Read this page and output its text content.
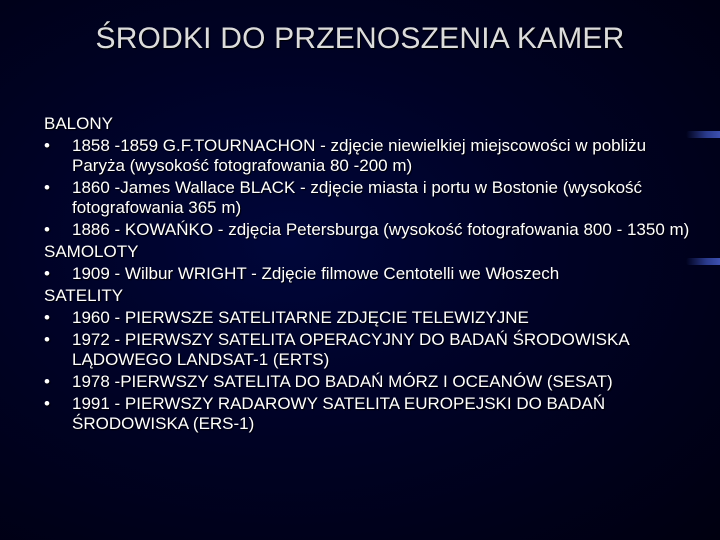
ŚRODKI DO PRZENOSZENIA KAMER
BALONY
• 1858 -1859 G.F.TOURNACHON - zdjęcie niewielkiej miejscowości w pobliżu Paryża (wysokość fotografowania 80 -200 m)
• 1860 -James Wallace BLACK - zdjęcie miasta i portu w Bostonie (wysokość fotografowania 365 m)
• 1886 - KOWAŃKO - zdjęcia Petersburga (wysokość fotografowania 800 - 1350 m)
SAMOLOTY
• 1909 - Wilbur WRIGHT - Zdjęcie filmowe Centotelli we Włoszech
SATELITY
• 1960 - PIERWSZE SATELITARNE ZDJĘCIE TELEWIZYJNE
• 1972 - PIERWSZY SATELITA OPERACYJNY DO BADAŃ ŚRODOWISKA LĄDOWEGO LANDSAT-1 (ERTS)
• 1978 -PIERWSZY SATELITA DO BADAŃ MÓRZ I OCEANÓW (SESAT)
• 1991 - PIERWSZY RADAROWY SATELITA EUROPEJSKI DO BADAŃ ŚRODOWISKA (ERS-1)
